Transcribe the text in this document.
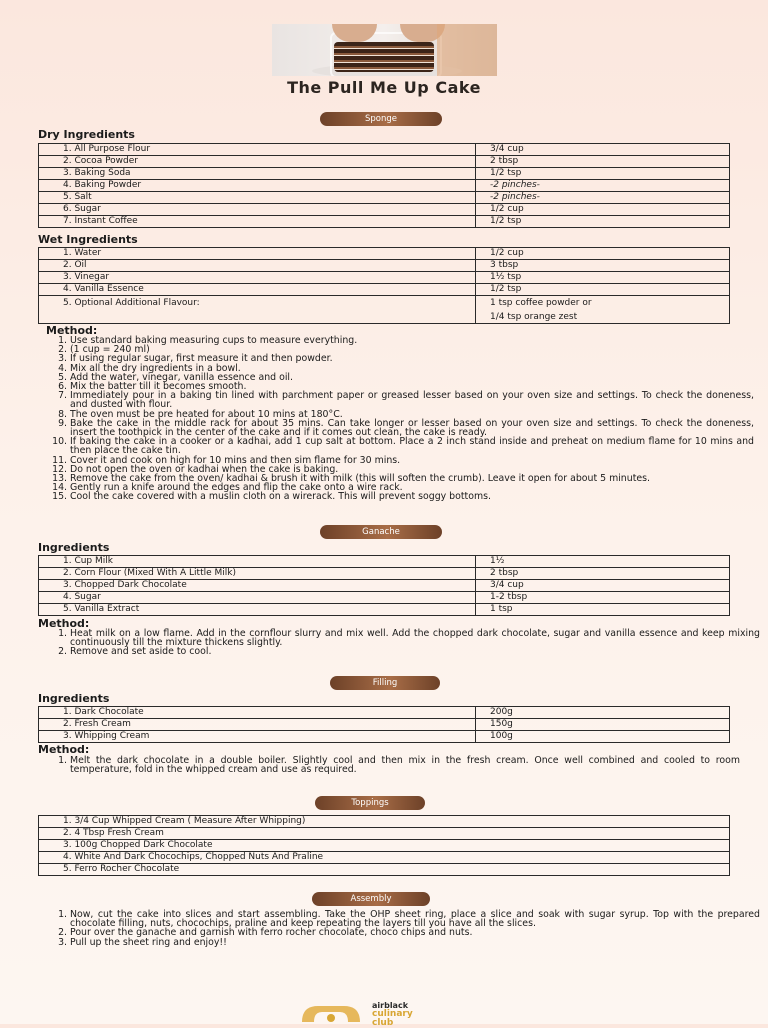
The Pull Me Up Cake
Sponge
Dry Ingredients
1. All Purpose Flour	3/4 cup
2. Cocoa Powder	2 tbsp
3. Baking Soda	1/2 tsp
4. Baking Powder	-2 pinches-
5. Salt	-2 pinches-
6. Sugar	1/2 cup
7. Instant Coffee	1/2 tsp
Wet Ingredients
1. Water	1/2 cup
2. Oil	3 tbsp
3. Vinegar	1½ tsp
4. Vanilla Essence	1/2 tsp
5. Optional Additional Flavour:	1 tsp coffee powder or
1/4 tsp orange zest
Method:
1. Use standard baking measuring cups to measure everything.
2. (1 cup = 240 ml)
3. If using regular sugar, first measure it and then powder.
4. Mix all the dry ingredients in a bowl.
5. Add the water, vinegar, vanilla essence and oil.
6. Mix the batter till it becomes smooth.
7. Immediately pour in a baking tin lined with parchment paper or greased lesser based on your oven size and settings. To check the doneness, and dusted with flour.
8. The oven must be pre heated for about 10 mins at 180°C.
9. Bake the cake in the middle rack for about 35 mins. Can take longer or lesser based on your oven size and settings. To check the doneness, insert the toothpick in the center of the cake and if it comes out clean, the cake is ready.
10. If baking the cake in a cooker or a kadhai, add 1 cup salt at bottom. Place a 2 inch stand inside and preheat on medium flame for 10 mins and then place the cake tin.
11. Cover it and cook on high for 10 mins and then sim flame for 30 mins.
12. Do not open the oven or kadhai when the cake is baking.
13. Remove the cake from the oven/ kadhai & brush it with milk (this will soften the crumb). Leave it open for about 5 minutes.
14. Gently run a knife around the edges and flip the cake onto a wire rack.
15. Cool the cake covered with a muslin cloth on a wirerack. This will prevent soggy bottoms.
Ganache
Ingredients
1. Cup Milk	1½
2. Corn Flour (Mixed With A Little Milk)	2 tbsp
3. Chopped Dark Chocolate	3/4 cup
4. Sugar	1-2 tbsp
5. Vanilla Extract	1 tsp
Method:
1. Heat milk on a low flame. Add in the cornflour slurry and mix well. Add the chopped dark chocolate, sugar and vanilla essence and keep mixing continuously till the mixture thickens slightly.
2. Remove and set aside to cool.
Filling
Ingredients
1. Dark Chocolate	200g
2. Fresh Cream	150g
3. Whipping Cream	100g
Method:
1. Melt the dark chocolate in a double boiler. Slightly cool and then mix in the fresh cream. Once well combined and cooled to room temperature, fold in the whipped cream and use as required.
Toppings
1. 3/4 Cup Whipped Cream ( Measure After Whipping)
2. 4 Tbsp Fresh Cream
3. 100g Chopped Dark Chocolate
4. White And Dark Chocochips, Chopped Nuts And Praline
5. Ferro Rocher Chocolate
Assembly
1. Now, cut the cake into slices and start assembling. Take the OHP sheet ring, place a slice and soak with sugar syrup. Top with the prepared chocolate filling, nuts, chocochips, praline and keep repeating the layers till you have all the slices.
2. Pour over the ganache and garnish with ferro rocher chocolate, choco chips and nuts.
3. Pull up the sheet ring and enjoy!!
airblack
culinary
club
